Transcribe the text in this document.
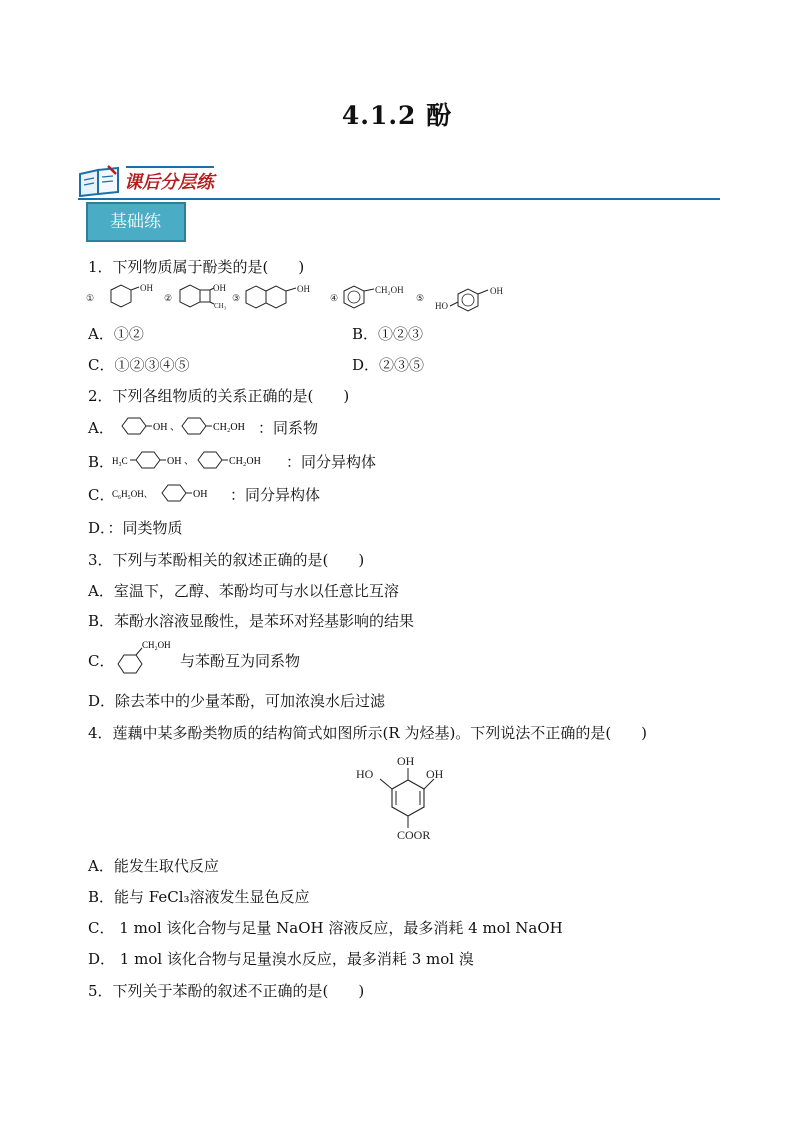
4.1.2 酚
课后分层练
基础练
1．下列物质属于酚类的是(　　)
①
OH
②
OH
CH₃
③
OH
④
CH₂OH
⑤
HO
OH
A．①②	B．①②③
C．①②③④⑤	D．②③⑤
2．下列各组物质的关系正确的是(　　)
A．	OH 、	CH₂OH ：同系物
B．
H₃C	OH 、	CH₂OH ：同分异构体
C．
C₆H₅OH、	OH ：同分异构体
D．：同类物质
3．下列与苯酚相关的叙述正确的是(　　)
A．室温下，乙醇、苯酚均可与水以任意比互溶
B．苯酚水溶液显酸性，是苯环对羟基影响的结果
C．
CH₂OH
与苯酚互为同系物
D．除去苯中的少量苯酚，可加浓溴水后过滤
4．莲藕中某多酚类物质的结构简式如图所示(R 为烃基)。下列说法不正确的是(　　)
OH
HO	OH
COOR
A．能发生取代反应
B．能与 FeCl₃溶液发生显色反应
C． 1 mol 该化合物与足量 NaOH 溶液反应，最多消耗 4 mol NaOH
D． 1 mol 该化合物与足量溴水反应，最多消耗 3 mol 溴
5．下列关于苯酚的叙述不正确的是(　　)
